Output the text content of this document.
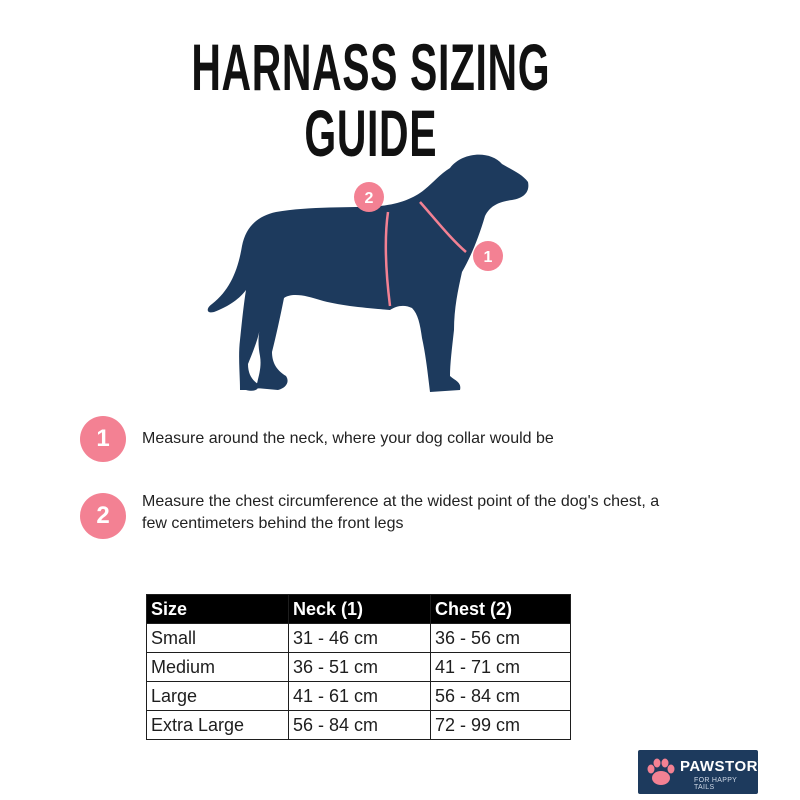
HARNASS SIZING GUIDE
2
1
1	Measure around the neck, where your dog collar would be
2
Measure the chest circumference at the widest point of the dog's chest, a few centimeters behind the front legs
Size	Neck (1)	Chest (2)
Small	31 - 46 cm	36 - 56 cm
Medium	36 - 51 cm	41 - 71 cm
Large	41 - 61 cm	56 - 84 cm
Extra Large	56 - 84 cm	72 - 99 cm
PAWSTORY
FOR HAPPY TAILS
